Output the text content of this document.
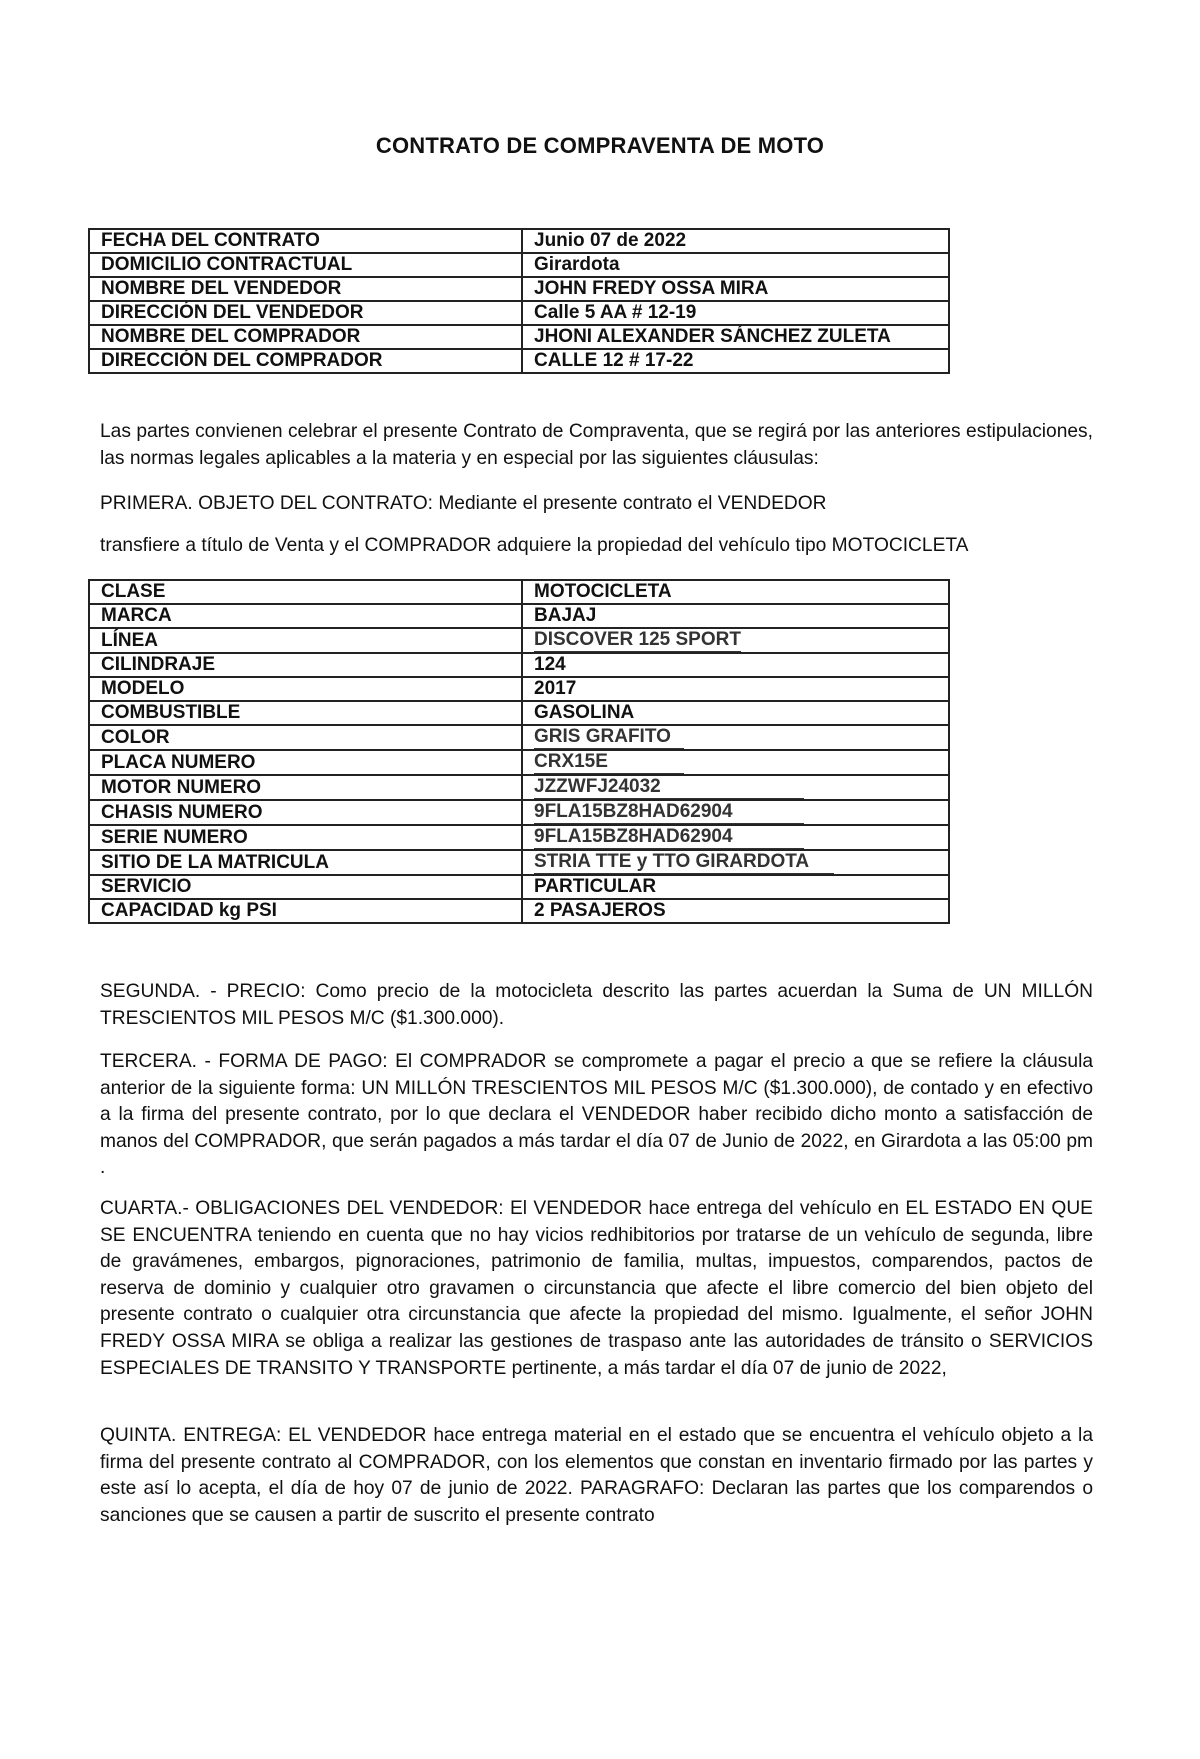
CONTRATO DE COMPRAVENTA DE MOTO
FECHA DEL CONTRATO	Junio 07 de 2022
DOMICILIO CONTRACTUAL	Girardota
NOMBRE DEL VENDEDOR	JOHN FREDY OSSA MIRA
DIRECCIÓN DEL VENDEDOR	Calle 5 AA # 12-19
NOMBRE DEL COMPRADOR	JHONI ALEXANDER SÁNCHEZ ZULETA
DIRECCIÓN DEL COMPRADOR	CALLE 12 # 17-22
Las partes convienen celebrar el presente Contrato de Compraventa, que se regirá por las anteriores estipulaciones, las normas legales aplicables a la materia y en especial por las siguientes cláusulas:
PRIMERA. OBJETO DEL CONTRATO: Mediante el presente contrato el VENDEDOR
transfiere a título de Venta y el COMPRADOR adquiere la propiedad del vehículo tipo MOTOCICLETA
CLASE	MOTOCICLETA
MARCA	BAJAJ
LÍNEA	DISCOVER 125 SPORT
CILINDRAJE	124
MODELO	2017
COMBUSTIBLE	GASOLINA
COLOR	GRIS GRAFITO
PLACA NUMERO	CRX15E
MOTOR NUMERO	JZZWFJ24032
CHASIS NUMERO	9FLA15BZ8HAD62904
SERIE NUMERO	9FLA15BZ8HAD62904
SITIO DE LA MATRICULA	STRIA TTE y TTO GIRARDOTA
SERVICIO	PARTICULAR
CAPACIDAD kg PSI	2 PASAJEROS
SEGUNDA. - PRECIO: Como precio de la motocicleta descrito las partes acuerdan la Suma de UN MILLÓN TRESCIENTOS MIL PESOS M/C ($1.300.000).
TERCERA. - FORMA DE PAGO: El COMPRADOR se compromete a pagar el precio a que se refiere la cláusula anterior de la siguiente forma: UN MILLÓN TRESCIENTOS MIL PESOS M/C ($1.300.000), de contado y en efectivo a la firma del presente contrato, por lo que declara el VENDEDOR haber recibido dicho monto a satisfacción de manos del COMPRADOR, que serán pagados a más tardar el día 07 de Junio de 2022, en Girardota a las 05:00 pm .
CUARTA.- OBLIGACIONES DEL VENDEDOR: El VENDEDOR hace entrega del vehículo en EL ESTADO EN QUE SE ENCUENTRA teniendo en cuenta que no hay vicios redhibitorios por tratarse de un vehículo de segunda, libre de gravámenes, embargos, pignoraciones, patrimonio de familia, multas, impuestos, comparendos, pactos de reserva de dominio y cualquier otro gravamen o circunstancia que afecte el libre comercio del bien objeto del presente contrato o cualquier otra circunstancia que afecte la propiedad del mismo. Igualmente, el señor JOHN FREDY OSSA MIRA se obliga a realizar las gestiones de traspaso ante las autoridades de tránsito o SERVICIOS ESPECIALES DE TRANSITO Y TRANSPORTE pertinente, a más tardar el día 07 de junio de 2022,
QUINTA. ENTREGA: EL VENDEDOR hace entrega material en el estado que se encuentra el vehículo objeto a la firma del presente contrato al COMPRADOR, con los elementos que constan en inventario firmado por las partes y este así lo acepta, el día de hoy 07 de junio de 2022. PARAGRAFO: Declaran las partes que los comparendos o sanciones que se causen a partir de suscrito el presente contrato
